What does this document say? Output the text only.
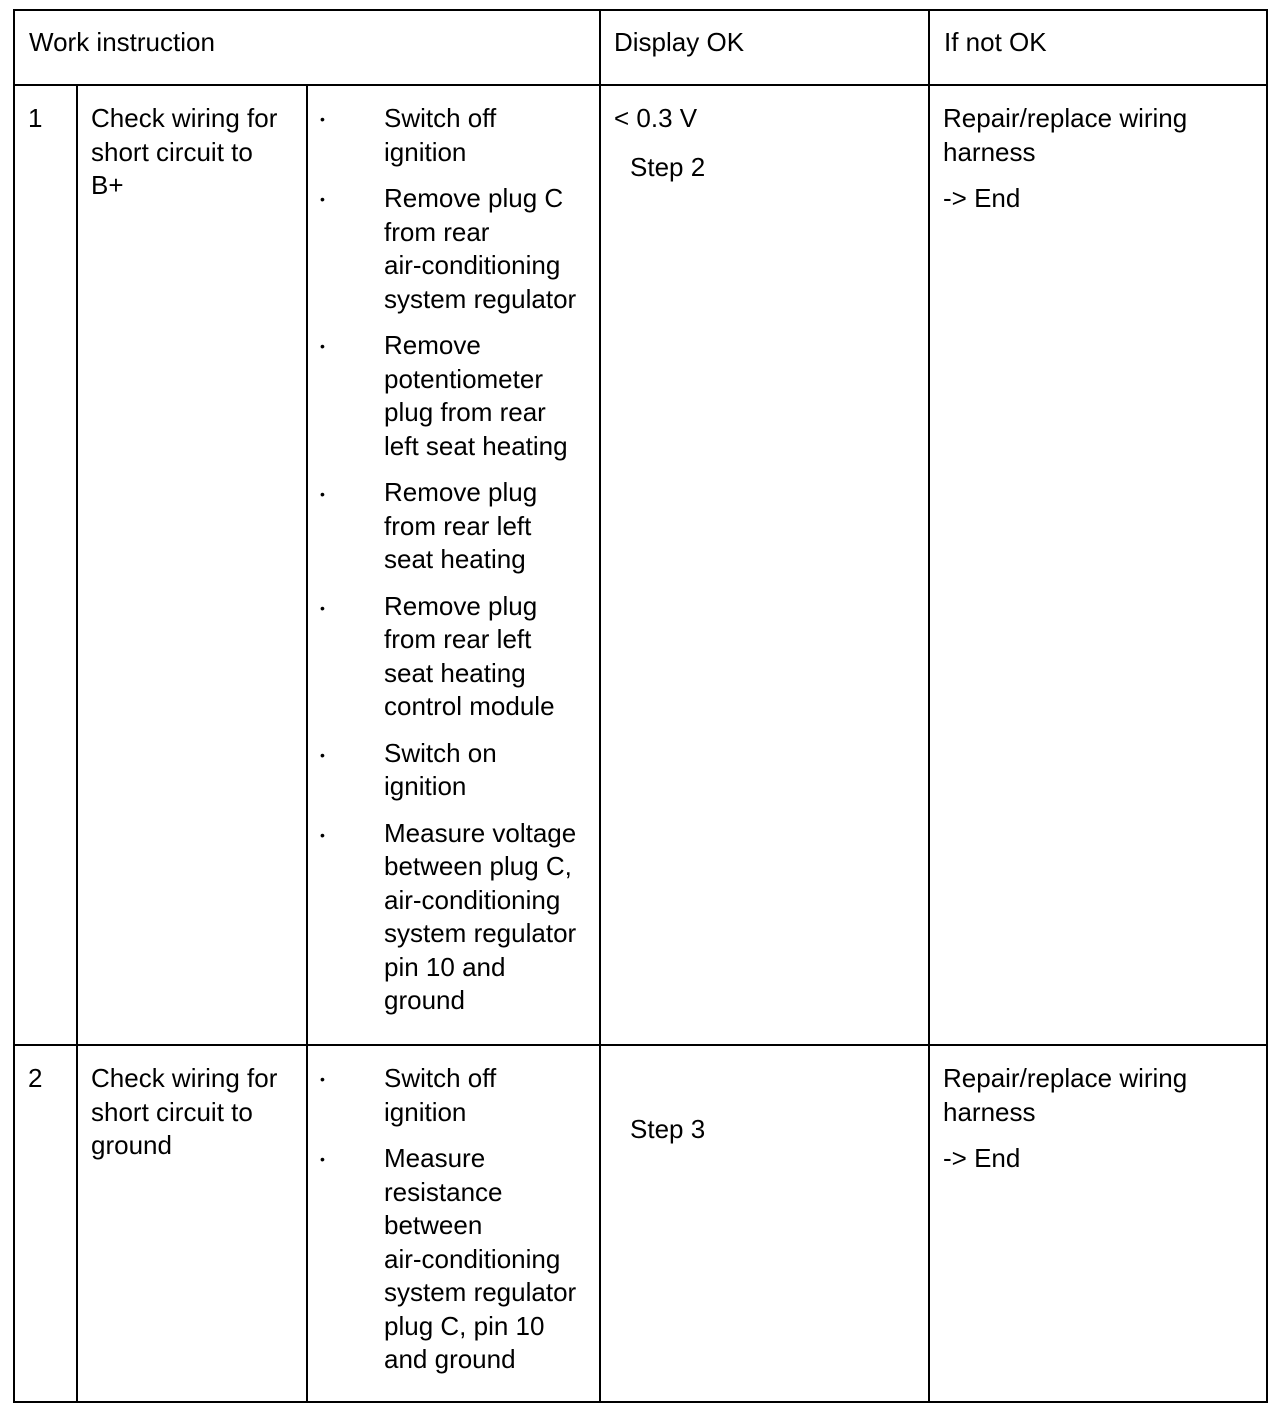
Work instruction	Display OK	If not OK
1 Check wiring for
short circuit to
B+
•
•
•
•
•
•
•
Switch off
ignition
Remove plug C
from rear
air-conditioning
system regulator
Remove
potentiometer
plug from rear
left seat heating
Remove plug
from rear left
seat heating
Remove plug
from rear left
seat heating
control module
Switch on
ignition
Measure voltage
between plug C,
air-conditioning
system regulator
pin 10 and
ground
< 0.3 V
Step 2
Repair/replace wiring
harness
-> End
2 Check wiring for
short circuit to
ground
•
•
Switch off
ignition
Measure
resistance
between
air-conditioning
system regulator
plug C, pin 10
and ground
Step 3
Repair/replace wiring
harness
-> End
